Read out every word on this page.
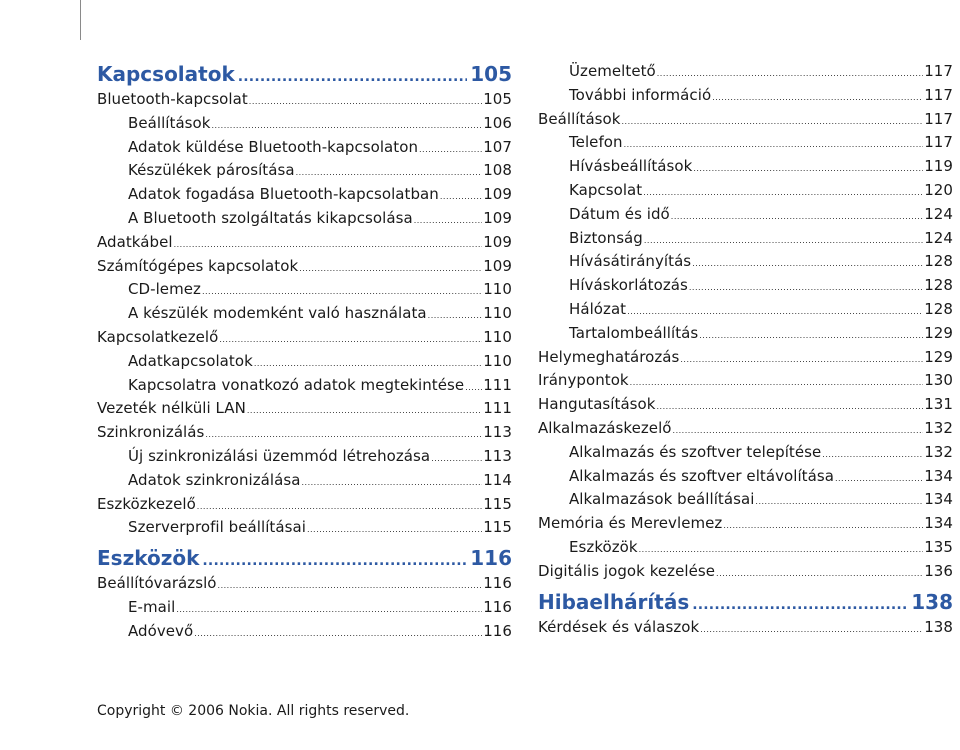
Kapcsolatok .....	105
Bluetooth-kapcsolat .....	105
Beállítások .....	106
Adatok küldése Bluetooth-kapcsolaton .....	107
Készülékek párosítása .....	108
Adatok fogadása Bluetooth-kapcsolatban .....	109
A Bluetooth szolgáltatás kikapcsolása .....	109
Adatkábel .....	109
Számítógépes kapcsolatok .....	109
CD-lemez .....	110
A készülék modemként való használata .....	110
Kapcsolatkezelő .....	110
Adatkapcsolatok .....	110
Kapcsolatra vonatkozó adatok megtekintése ..... 111
Vezeték nélküli LAN .....	111
Szinkronizálás .....	113
Új szinkronizálási üzemmód létrehozása .....	113
Adatok szinkronizálása .....	114
Eszközkezelő .....	115
Szerverprofil beállításai .....	115
Eszközök .....	116
Beállítóvarázsló .....	116
E-mail .....	116
Adóvevő .....	116
Üzemeltető .....	117
További információ .....	117
Beállítások .....	117
Telefon .....	117
Hívásbeállítások .....	119
Kapcsolat .....	120
Dátum és idő .....	124
Biztonság .....	124
Hívásátirányítás .....	128
Híváskorlátozás .....	128
Hálózat .....	128
Tartalombeállítás .....	129
Helymeghatározás .....	129
Iránypontok .....	130
Hangutasítások .....	131
Alkalmazáskezelő .....	132
Alkalmazás és szoftver telepítése .....	132
Alkalmazás és szoftver eltávolítása .....	134
Alkalmazások beállításai .....	134
Memória és Merevlemez .....	134
Eszközök .....	135
Digitális jogok kezelése .....	136
Hibaelhárítás .....	138
Kérdések és válaszok .....	138
Copyright © 2006 Nokia. All rights reserved.
